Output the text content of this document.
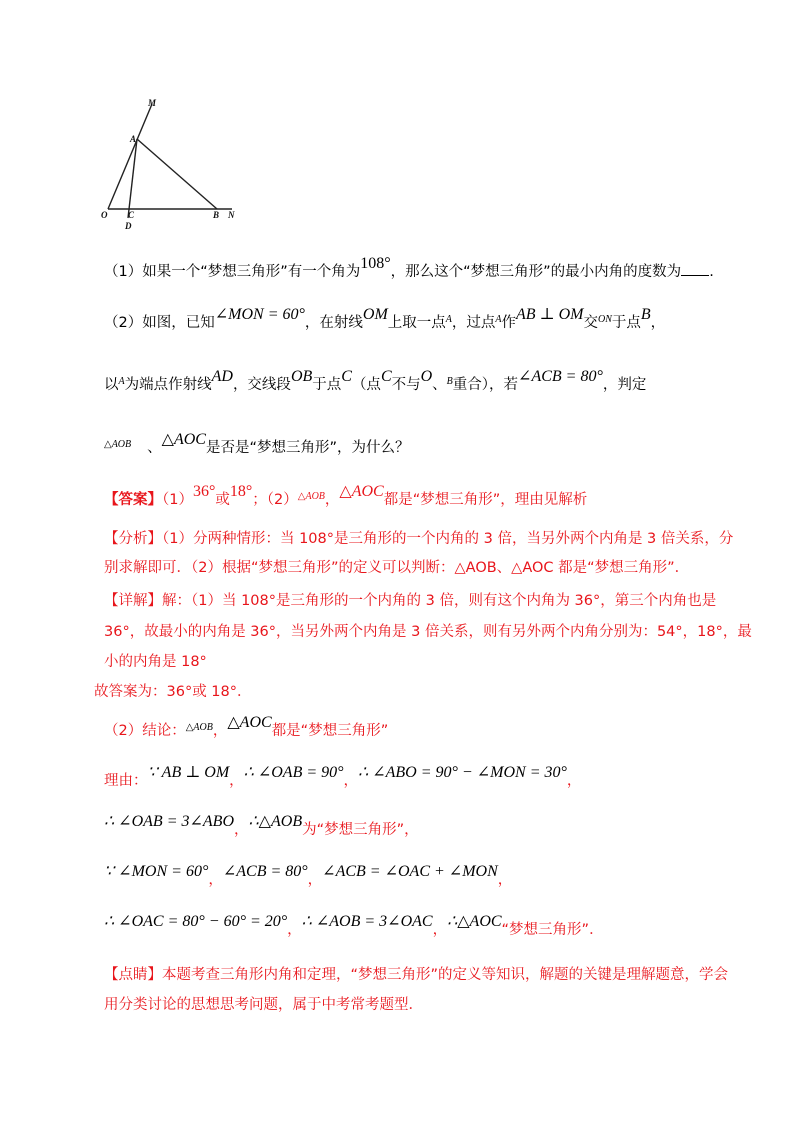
M
A
O C
D
B N
（1）如果一个“梦想三角形”有一个角为108°，那么这个“梦想三角形”的最小内角的度数为 .
（2）如图，已知∠MON = 60°，在射线OM上取一点$^A$，过点$^A$作AB ⊥ OM交$^{ON}$于点B，
以$^A$为端点作射线AD，交线段OB于点C（点C不与O、$^B$重合），若∠ACB = 80°，判定
$^{\triangle AOB}$ 、△AOC是否是“梦想三角形”，为什么？
【答案】（1）36°或18°；$(2)^{\triangle AOB}$，△AOC都是“梦想三角形”，理由见解析
【分析】（1）分两种情形：当 108°是三角形的一个内角的 3 倍，当另外两个内角是 3 倍关系，分
别求解即可．（2）根据“梦想三角形”的定义可以判断：△AOB、△AOC 都是“梦想三角形”．
【详解】解：（1）当 108°是三角形的一个内角的 3 倍，则有这个内角为 36°，第三个内角也是
36°，故最小的内角是 36°，当另外两个内角是 3 倍关系，则有另外两个内角分别为：54°，18°，最
小的内角是 18°
故答案为：36°或 18°．
（2）结论：$^{\triangle AOB}$，△AOC都是“梦想三角形”
理由：∵ AB ⊥ OM，∴ ∠OAB = 90°，∴ ∠ABO = 90° − ∠MON = 30°，
∴ ∠OAB = 3∠ABO，∴△AOB为“梦想三角形”，
∵ ∠MON = 60°，∠ACB = 80°，∠ACB = ∠OAC + ∠MON，
∴ ∠OAC = 80° − 60° = 20°，∴ ∠AOB = 3∠OAC，∴△AOC“梦想三角形”．
【点睛】本题考查三角形内角和定理，“梦想三角形”的定义等知识，解题的关键是理解题意，学会
用分类讨论的思想思考问题，属于中考常考题型．
